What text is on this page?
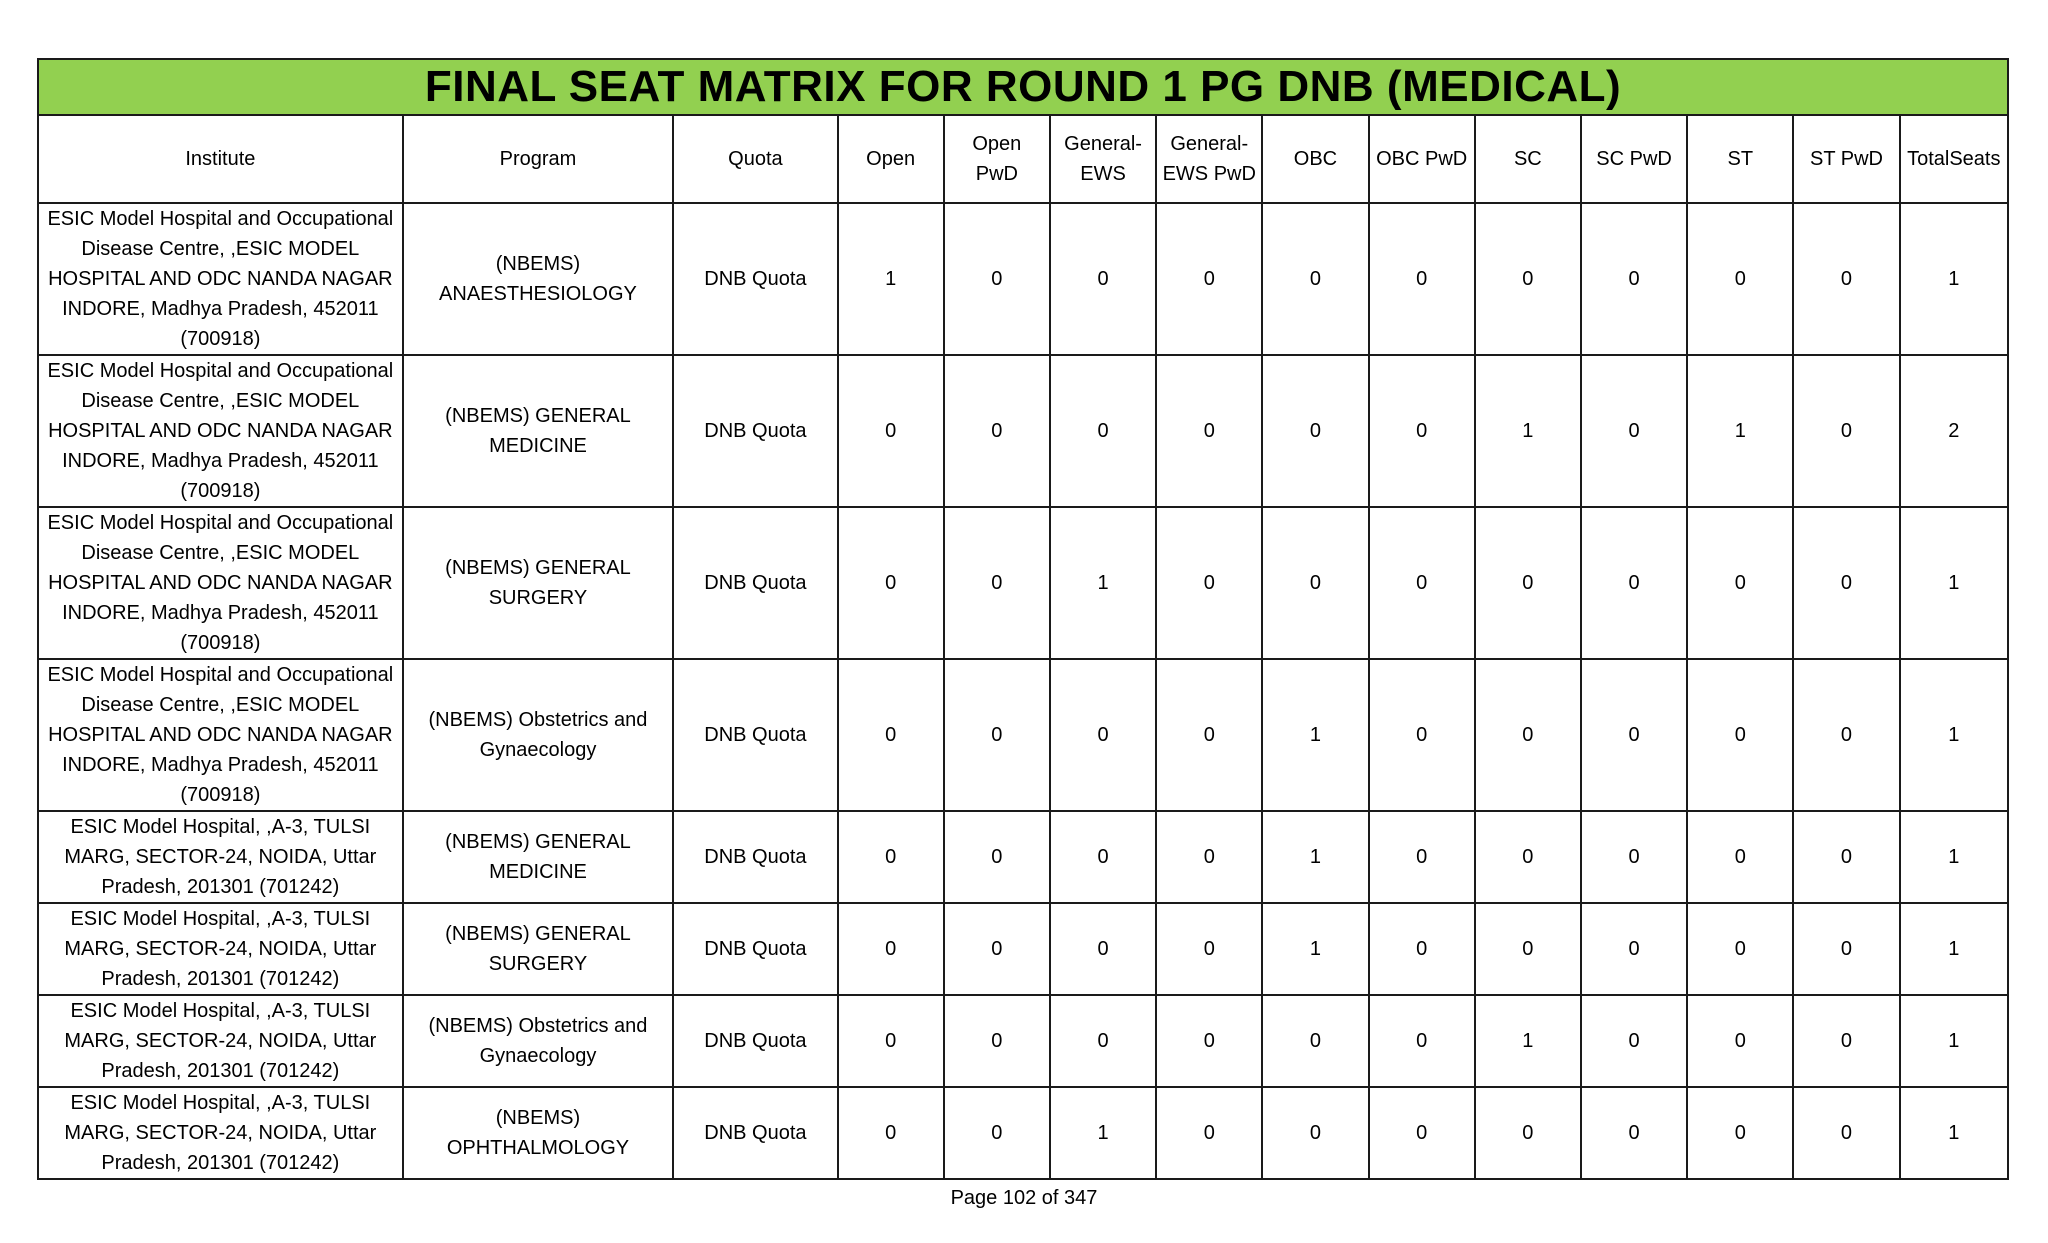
FINAL SEAT MATRIX FOR ROUND 1 PG DNB (MEDICAL)													
Institute	Program	Quota	Open	Open PwD	General-EWS	General-EWS PwD	OBC	OBC PwD	SC	SC PwD	ST	ST PwD	TotalSeats
ESIC Model Hospital and Occupational Disease Centre, ,ESIC MODEL HOSPITAL AND ODC NANDA NAGAR INDORE, Madhya Pradesh, 452011 (700918)	(NBEMS) ANAESTHESIOLOGY	DNB Quota	1	0	0	0	0	0	0	0	0	0	1
ESIC Model Hospital and Occupational Disease Centre, ,ESIC MODEL HOSPITAL AND ODC NANDA NAGAR INDORE, Madhya Pradesh, 452011 (700918)	(NBEMS) GENERAL MEDICINE	DNB Quota	0	0	0	0	0	0	1	0	1	0	2
ESIC Model Hospital and Occupational Disease Centre, ,ESIC MODEL HOSPITAL AND ODC NANDA NAGAR INDORE, Madhya Pradesh, 452011 (700918)	(NBEMS) GENERAL SURGERY	DNB Quota	0	0	1	0	0	0	0	0	0	0	1
ESIC Model Hospital and Occupational Disease Centre, ,ESIC MODEL HOSPITAL AND ODC NANDA NAGAR INDORE, Madhya Pradesh, 452011 (700918)	(NBEMS) Obstetrics and Gynaecology	DNB Quota	0	0	0	0	1	0	0	0	0	0	1
ESIC Model Hospital, ,A-3, TULSI MARG, SECTOR-24, NOIDA, Uttar Pradesh, 201301 (701242)	(NBEMS) GENERAL MEDICINE	DNB Quota	0	0	0	0	1	0	0	0	0	0	1
ESIC Model Hospital, ,A-3, TULSI MARG, SECTOR-24, NOIDA, Uttar Pradesh, 201301 (701242)	(NBEMS) GENERAL SURGERY	DNB Quota	0	0	0	0	1	0	0	0	0	0	1
ESIC Model Hospital, ,A-3, TULSI MARG, SECTOR-24, NOIDA, Uttar Pradesh, 201301 (701242)	(NBEMS) Obstetrics and Gynaecology	DNB Quota	0	0	0	0	0	0	1	0	0	0	1
ESIC Model Hospital, ,A-3, TULSI MARG, SECTOR-24, NOIDA, Uttar Pradesh, 201301 (701242)	(NBEMS) OPHTHALMOLOGY	DNB Quota	0	0	1	0	0	0	0	0	0	0	1
Page 102 of 347
